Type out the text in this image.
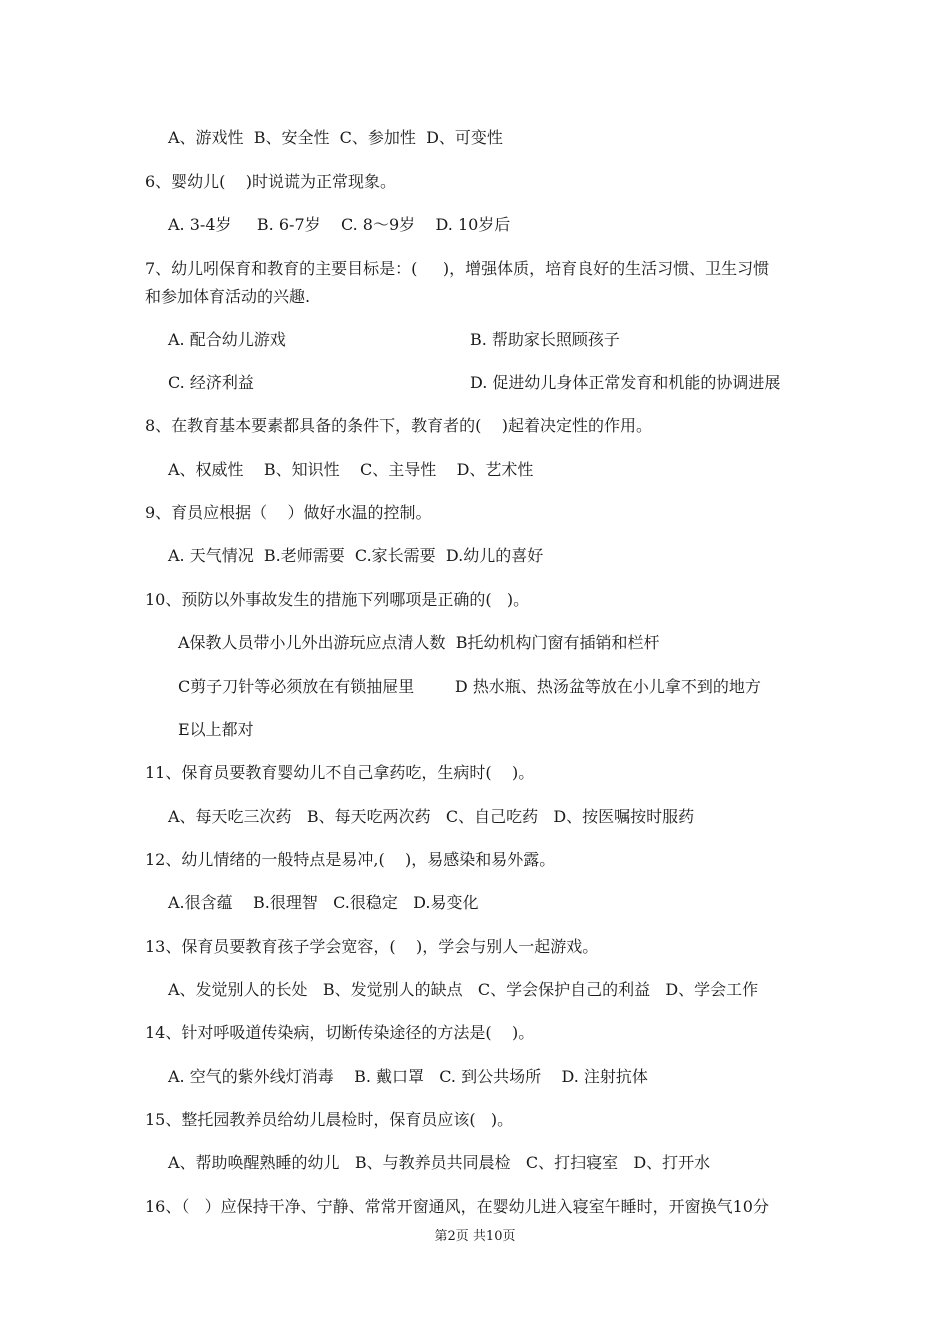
A、游戏性  B、安全性  C、参加性  D、可变性
6、婴幼儿(    )时说谎为正常现象。
A. 3-4岁     B. 6-7岁    C. 8～9岁    D. 10岁后
7、幼儿吲保育和教育的主要目标是：(     )，增强体质，培育良好的生活习惯、卫生习惯
和参加体育活动的兴趣.
A. 配合幼儿游戏	B. 帮助家长照顾孩子
C. 经济利益	D. 促进幼儿身体正常发育和机能的协调进展
8、在教育基本要素都具备的条件下，教育者的(    )起着决定性的作用。
A、权威性    B、知识性    C、主导性    D、艺术性
9、育员应根据（    ）做好水温的控制。
A. 天气情况  B.老师需要  C.家长需要  D.幼儿的喜好
10、预防以外事故发生的措施下列哪项是正确的(   )。
A保教人员带小儿外出游玩应点清人数  B托幼机构门窗有插销和栏杆
C剪子刀针等必须放在有锁抽屉里        D 热水瓶、热汤盆等放在小儿拿不到的地方
E以上都对
11、保育员要教育婴幼儿不自己拿药吃，生病时(    )。
A、每天吃三次药   B、每天吃两次药   C、自己吃药   D、按医嘱按时服药
12、幼儿情绪的一般特点是易冲,(    )，易感染和易外露。
A.很含蕴    B.很理智   C.很稳定   D.易变化
13、保育员要教育孩子学会宽容，(    )，学会与别人一起游戏。
A、发觉别人的长处   B、发觉别人的缺点   C、学会保护自己的利益   D、学会工作
14、针对呼吸道传染病，切断传染途径的方法是(    )。
A. 空气的紫外线灯消毒    B. 戴口罩   C. 到公共场所    D. 注射抗体
15、整托园教养员给幼儿晨检时，保育员应该(   )。
A、帮助唤醒熟睡的幼儿   B、与教养员共同晨检   C、打扫寝室   D、打开水
16、（   ）应保持干净、宁静、常常开窗通风，在婴幼儿进入寝室午睡时，开窗换气10分
第2页 共10页
